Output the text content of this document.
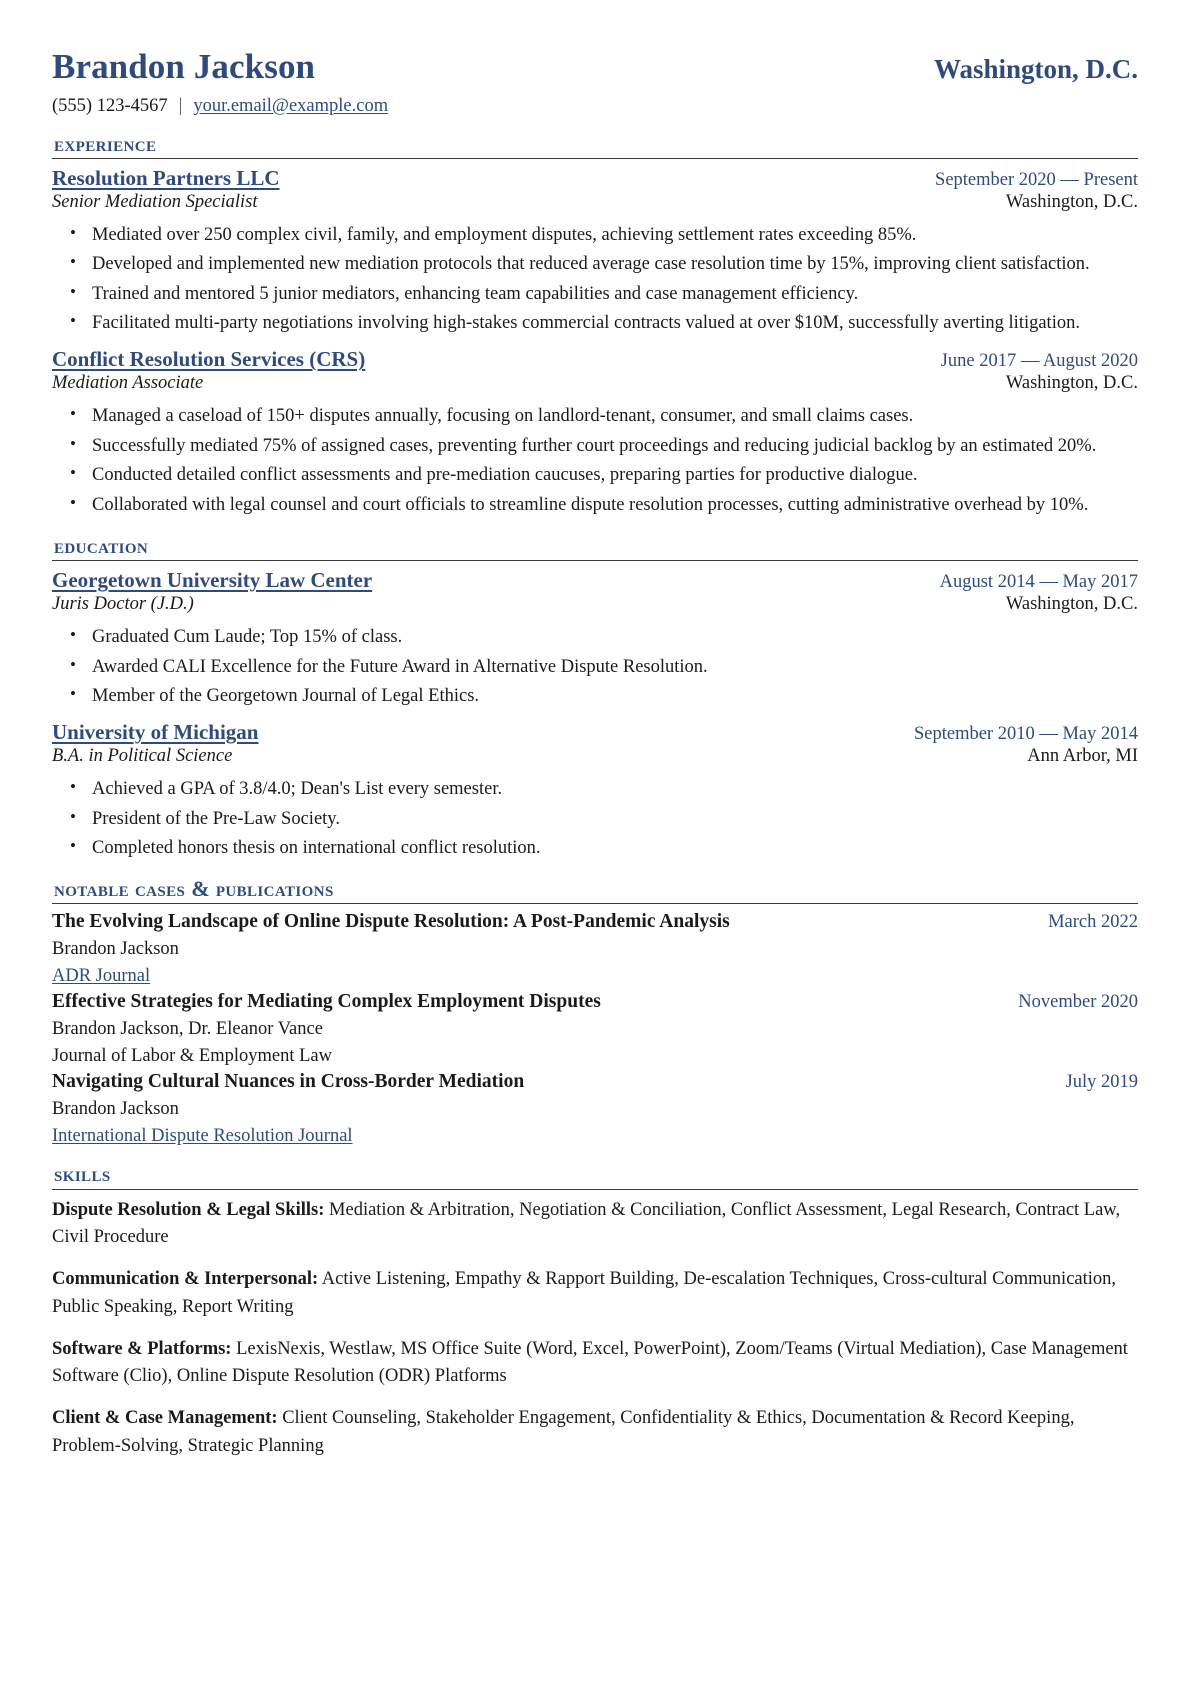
Brandon Jackson	Washington, D.C.
(555) 123-4567 | your.email@example.com
experience
Resolution Partners LLC	September 2020 — Present
Senior Mediation Specialist	Washington, D.C.
• Mediated over 250 complex civil, family, and employment disputes, achieving settlement rates exceeding 85%.
• Developed and implemented new mediation protocols that reduced average case resolution time by 15%, improving client satisfaction.
• Trained and mentored 5 junior mediators, enhancing team capabilities and case management efficiency.
• Facilitated multi-party negotiations involving high-stakes commercial contracts valued at over $10M, successfully averting litigation.
Conflict Resolution Services (CRS)	June 2017 — August 2020
Mediation Associate	Washington, D.C.
• Managed a caseload of 150+ disputes annually, focusing on landlord-tenant, consumer, and small claims cases.
• Successfully mediated 75% of assigned cases, preventing further court proceedings and reducing judicial backlog by an estimated 20%.
• Conducted detailed conflict assessments and pre-mediation caucuses, preparing parties for productive dialogue.
• Collaborated with legal counsel and court officials to streamline dispute resolution processes, cutting administrative overhead by 10%.
education
Georgetown University Law Center	August 2014 — May 2017
Juris Doctor (J.D.)	Washington, D.C.
• Graduated Cum Laude; Top 15% of class.
• Awarded CALI Excellence for the Future Award in Alternative Dispute Resolution.
• Member of the Georgetown Journal of Legal Ethics.
University of Michigan	September 2010 — May 2014
B.A. in Political Science	Ann Arbor, MI
• Achieved a GPA of 3.8/4.0; Dean's List every semester.
• President of the Pre-Law Society.
• Completed honors thesis on international conflict resolution.
notable cases & publications
The Evolving Landscape of Online Dispute Resolution: A Post-Pandemic Analysis	March 2022
Brandon Jackson
ADR Journal
Effective Strategies for Mediating Complex Employment Disputes	November 2020
Brandon Jackson, Dr. Eleanor Vance
Journal of Labor & Employment Law
Navigating Cultural Nuances in Cross-Border Mediation	July 2019
Brandon Jackson
International Dispute Resolution Journal
skills
Dispute Resolution & Legal Skills: Mediation & Arbitration, Negotiation & Conciliation, Conflict Assessment, Legal Research, Contract Law, Civil Procedure
Communication & Interpersonal: Active Listening, Empathy & Rapport Building, De-escalation Techniques, Cross-cultural Communication, Public Speaking, Report Writing
Software & Platforms: LexisNexis, Westlaw, MS Office Suite (Word, Excel, PowerPoint), Zoom/Teams (Virtual Mediation), Case Management Software (Clio), Online Dispute Resolution (ODR) Platforms
Client & Case Management: Client Counseling, Stakeholder Engagement, Confidentiality & Ethics, Documentation & Record Keeping, Problem-Solving, Strategic Planning
